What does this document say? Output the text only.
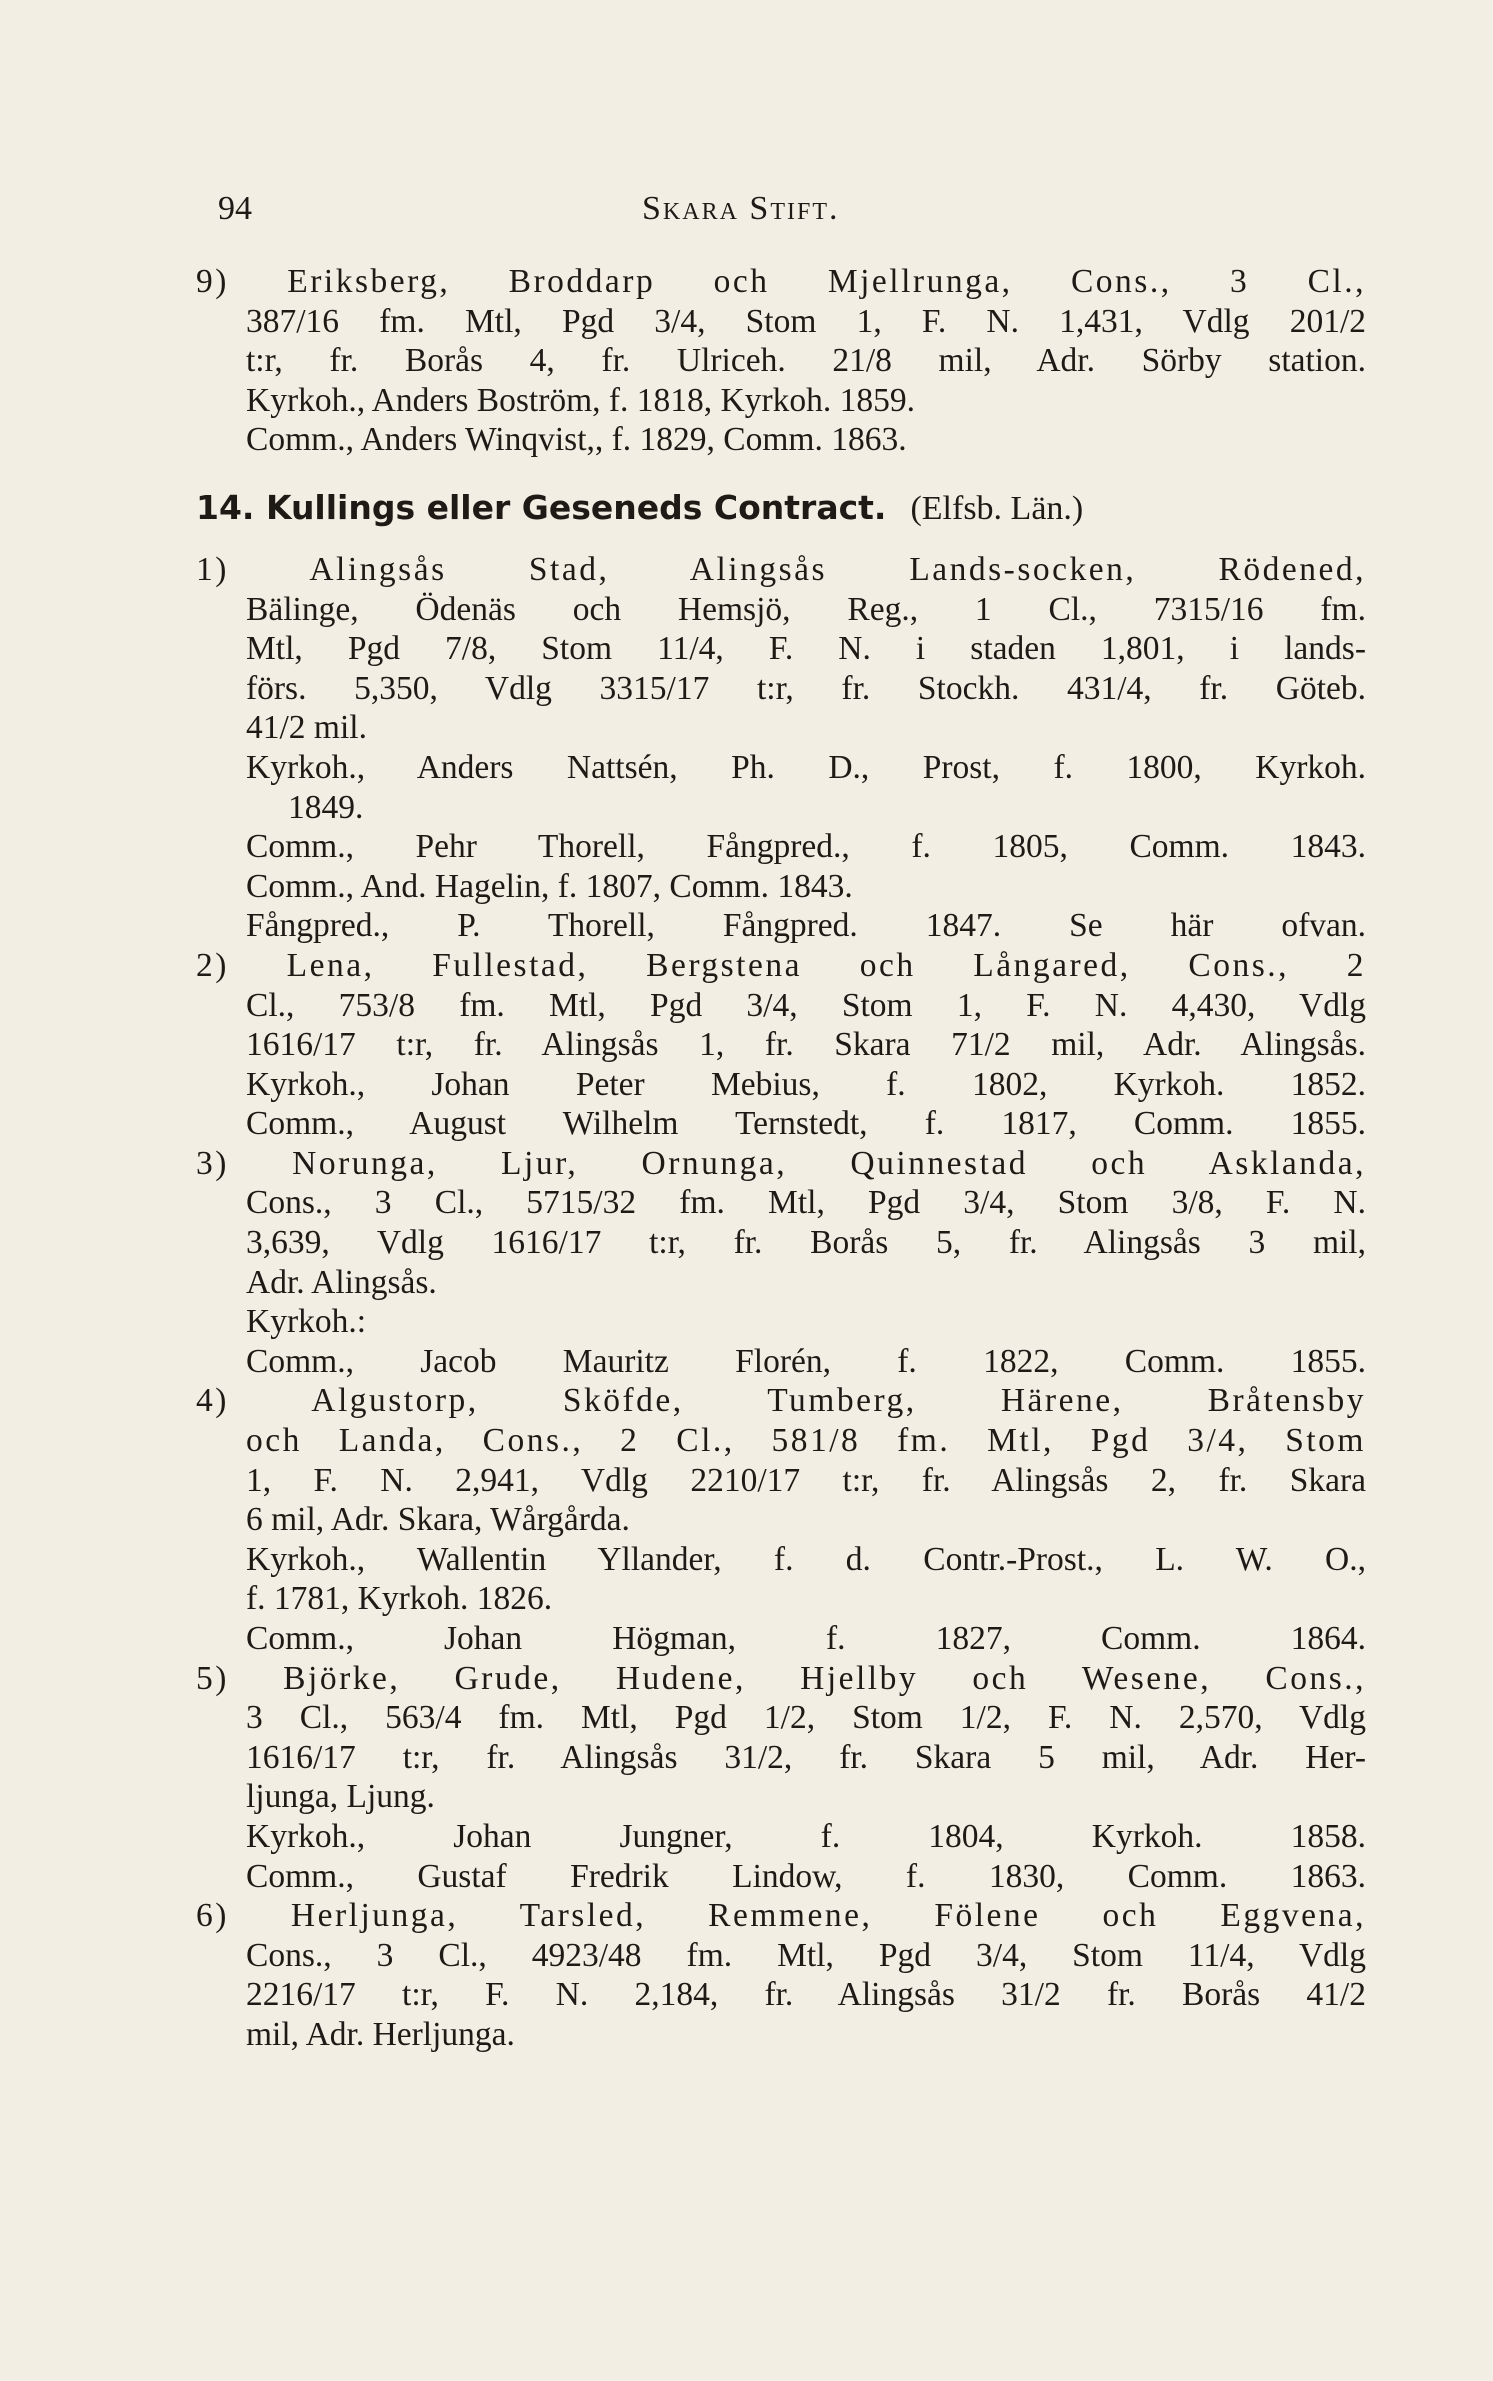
94	Skara Stift.
9) Eriksberg, Broddarp och Mjellrunga, Cons., 3 Cl.,
387/16 fm. Mtl, Pgd 3/4, Stom 1, F. N. 1,431, Vdlg 201/2
t:r, fr. Borås 4, fr. Ulriceh. 21/8 mil, Adr. Sörby station.
Kyrkoh., Anders Boström, f. 1818, Kyrkoh. 1859.
Comm., Anders Winqvist,, f. 1829, Comm. 1863.
14. Kullings eller Geseneds Contract. (Elfsb. Län.)
1) Alingsås Stad, Alingsås Lands-socken, Rödened,
Bälinge, Ödenäs och Hemsjö, Reg., 1 Cl., 7315/16 fm.
Mtl, Pgd 7/8, Stom 11/4, F. N. i staden 1,801, i lands-
förs. 5,350, Vdlg 3315/17 t:r, fr. Stockh. 431/4, fr. Göteb.
41/2 mil.
Kyrkoh., Anders Nattsén, Ph. D., Prost, f. 1800, Kyrkoh.
1849.
Comm., Pehr Thorell, Fångpred., f. 1805, Comm. 1843.
Comm., And. Hagelin, f. 1807, Comm. 1843.
Fångpred., P. Thorell, Fångpred. 1847. Se här ofvan.
2) Lena, Fullestad, Bergstena och Långared, Cons., 2
Cl., 753/8 fm. Mtl, Pgd 3/4, Stom 1, F. N. 4,430, Vdlg
1616/17 t:r, fr. Alingsås 1, fr. Skara 71/2 mil, Adr. Alingsås.
Kyrkoh., Johan Peter Mebius, f. 1802, Kyrkoh. 1852.
Comm., August Wilhelm Ternstedt, f. 1817, Comm. 1855.
3) Norunga, Ljur, Ornunga, Quinnestad och Asklanda,
Cons., 3 Cl., 5715/32 fm. Mtl, Pgd 3/4, Stom 3/8, F. N.
3,639, Vdlg 1616/17 t:r, fr. Borås 5, fr. Alingsås 3 mil,
Adr. Alingsås.
Kyrkoh.:
Comm., Jacob Mauritz Florén, f. 1822, Comm. 1855.
4) Algustorp, Sköfde, Tumberg, Härene, Bråtensby
och Landa, Cons., 2 Cl., 581/8 fm. Mtl, Pgd 3/4, Stom
1, F. N. 2,941, Vdlg 2210/17 t:r, fr. Alingsås 2, fr. Skara
6 mil, Adr. Skara, Wårgårda.
Kyrkoh., Wallentin Yllander, f. d. Contr.-Prost., L. W. O.,
f. 1781, Kyrkoh. 1826.
Comm., Johan Högman, f. 1827, Comm. 1864.
5) Björke, Grude, Hudene, Hjellby och Wesene, Cons.,
3 Cl., 563/4 fm. Mtl, Pgd 1/2, Stom 1/2, F. N. 2,570, Vdlg
1616/17 t:r, fr. Alingsås 31/2, fr. Skara 5 mil, Adr. Her-
ljunga, Ljung.
Kyrkoh., Johan Jungner, f. 1804, Kyrkoh. 1858.
Comm., Gustaf Fredrik Lindow, f. 1830, Comm. 1863.
6) Herljunga, Tarsled, Remmene, Fölene och Eggvena,
Cons., 3 Cl., 4923/48 fm. Mtl, Pgd 3/4, Stom 11/4, Vdlg
2216/17 t:r, F. N. 2,184, fr. Alingsås 31/2 fr. Borås 41/2
mil, Adr. Herljunga.
